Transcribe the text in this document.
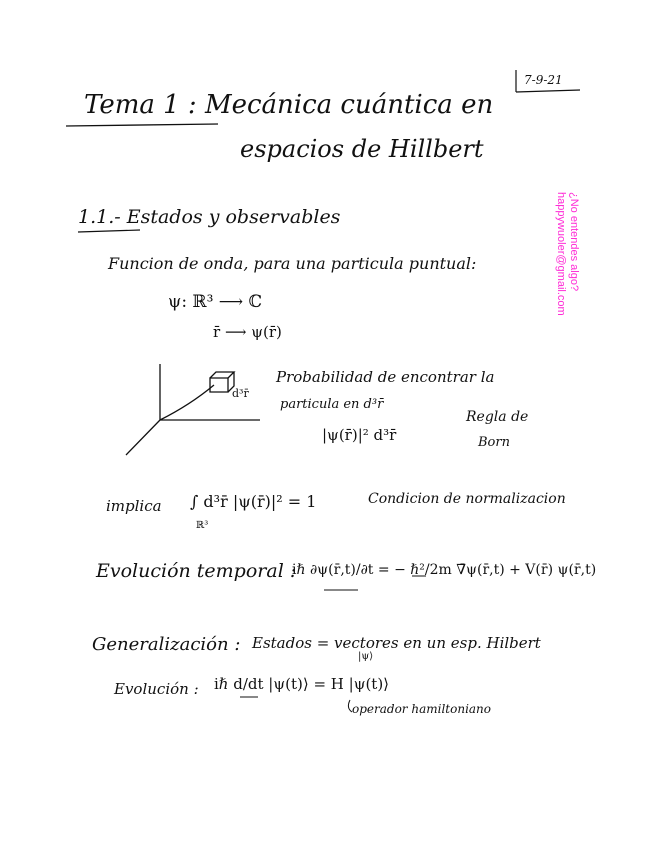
7-9-21
Tema 1 : Mecánica cuántica en
espacios de Hillbert
1.1.- Estados y observables
Funcion de onda, para una particula puntual:
ψ: ℝ³ ⟶ ℂ
r̄ ⟶ ψ(r̄)
d³r̄
Probabilidad de encontrar la
particula en d³r̄
|ψ(r̄)|² d³r̄
Regla de
Born
implica ∫ d³r̄ |ψ(r̄)|² = 1
ℝ³
Condicion de normalizacion
Evolución temporal :
iℏ ∂ψ(r̄,t)/∂t = − ℏ²/2m ∇̄ψ(r̄,t) + V(r̄) ψ(r̄,t)
Generalización : Estados = vectores en un esp. Hilbert
|ψ⟩
Evolución : iℏ d/dt |ψ(t)⟩ = H |ψ(t)⟩
operador hamiltoniano
¿No entendes algo?
happywuoler@gmail.com
